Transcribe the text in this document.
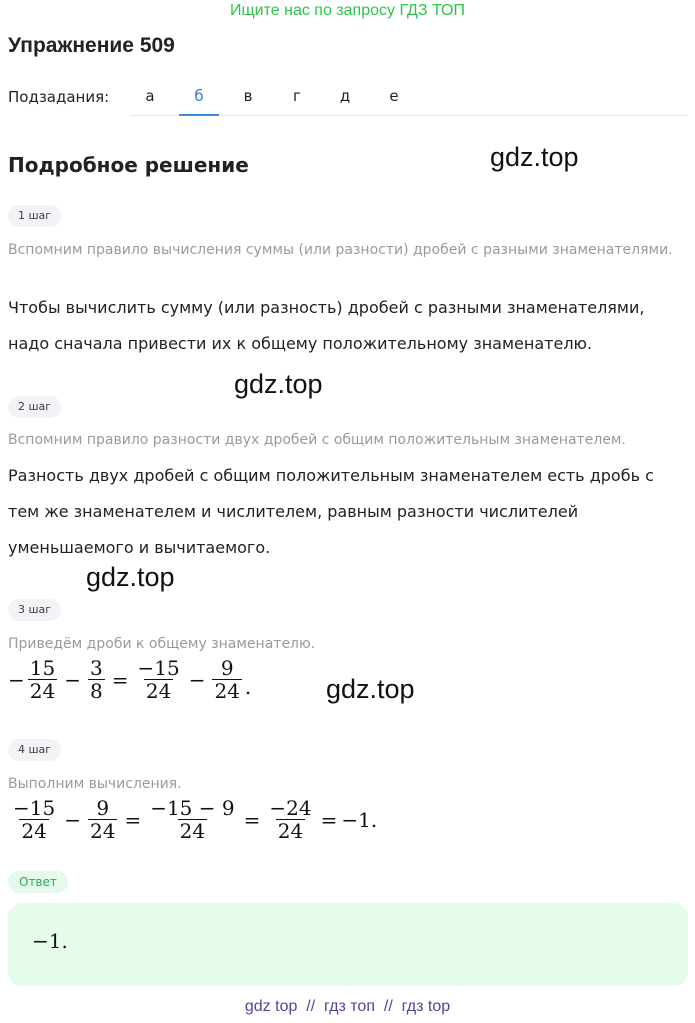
Ищите нас по запросу ГДЗ ТОП
Упражнение 509
Подзадания:	а	б	в	г	д	е
Подробное решение	gdz.top
gdz.top
gdz.top
gdz.top
1 шаг
Вспомним правило вычисления суммы (или разности) дробей с разными знаменателями.
Чтобы вычислить сумму (или разность) дробей с разными знаменателями, надо сначала привести их к общему положительному знаменателю.
2 шаг
Вспомним правило разности двух дробей с общим положительным знаменателем.
Разность двух дробей с общим положительным знаменателем есть дробь с тем же знаменателем и числителем, равным разности числителей уменьшаемого и вычитаемого.
3 шаг
Приведём дроби к общему знаменателю.
− $\frac{15}{24} - \frac{3}{8} = \frac{-15}{24} - \frac{9}{24}$ .
4 шаг
Выполним вычисления.
$\frac{-15}{24} - \frac{9}{24} = \frac{-15 - 9}{24} = \frac{-24}{24} = -1$.
Ответ
−1.
gdz top  //  гдз топ  //  гдз top
